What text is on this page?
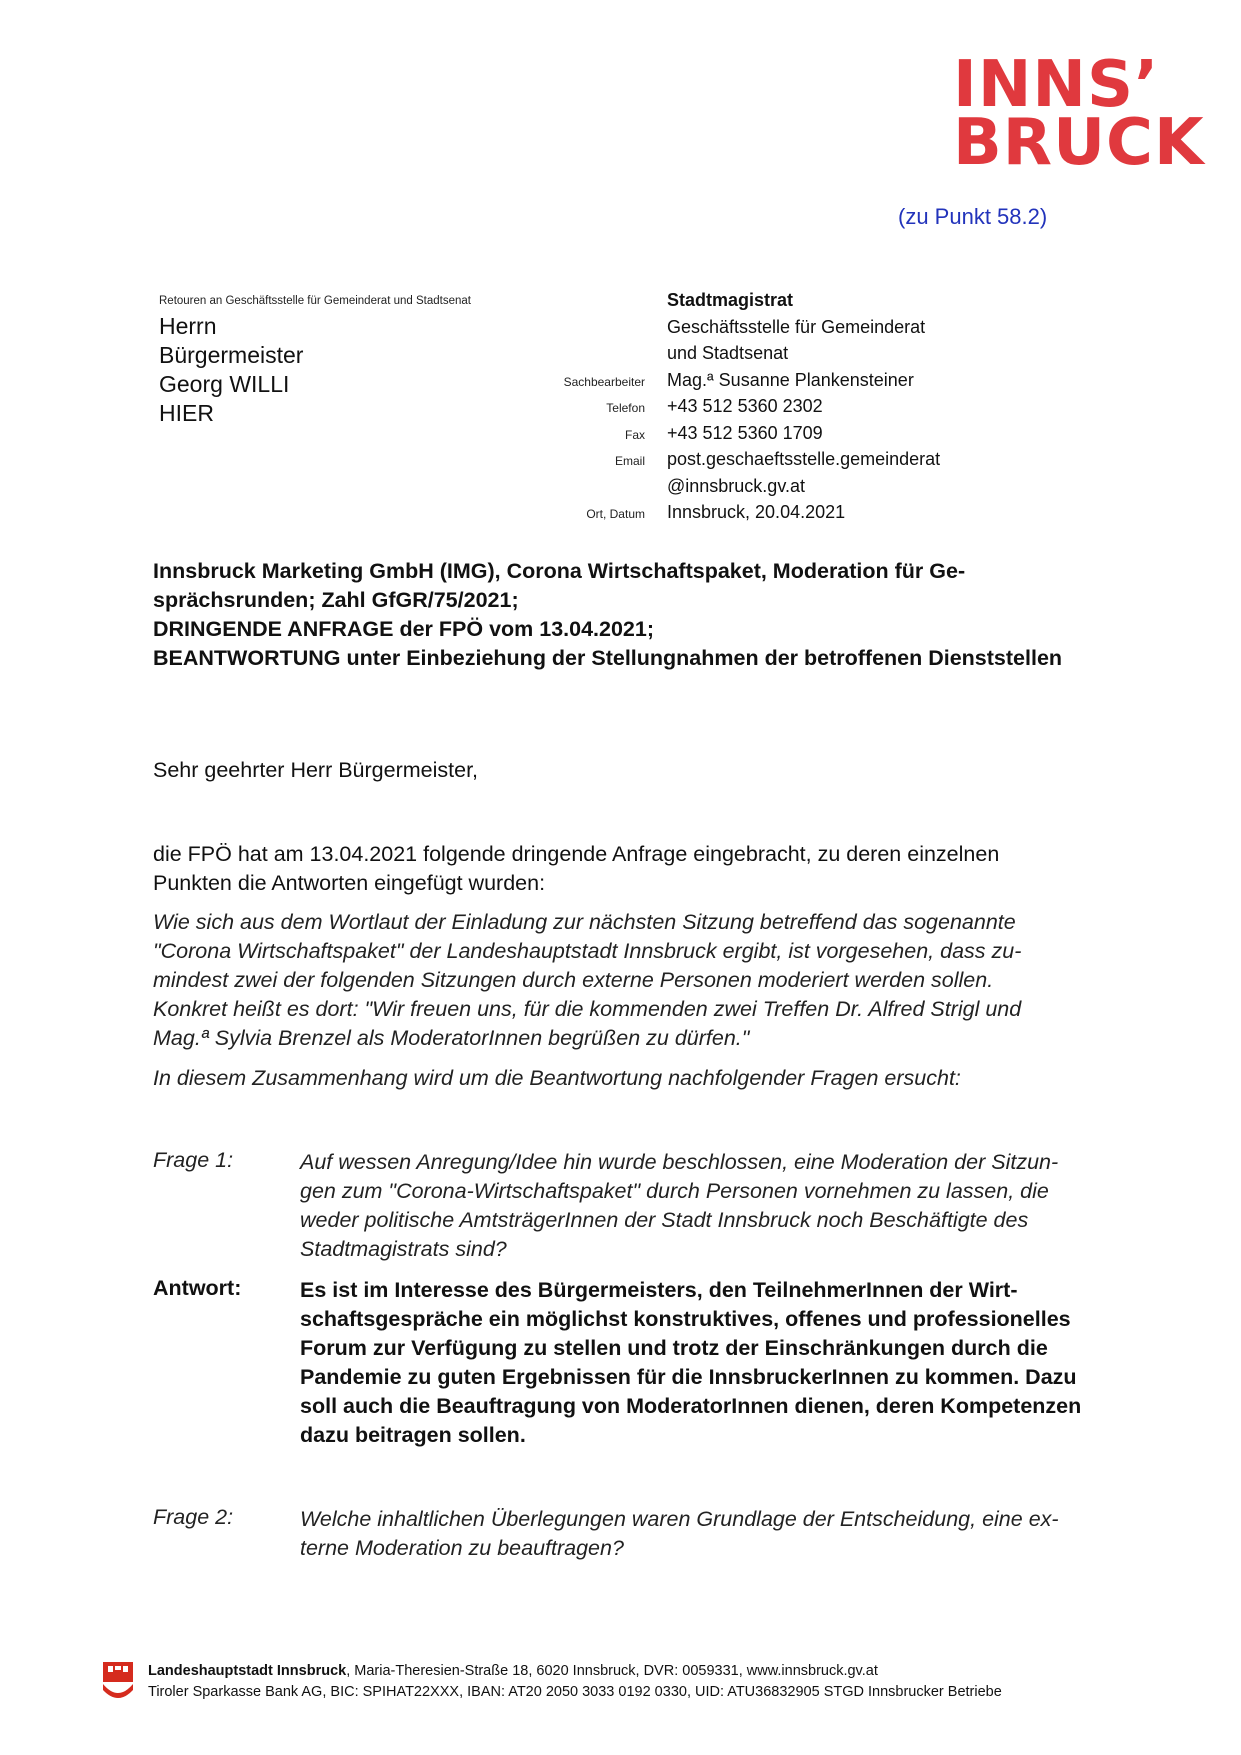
INNS’
BRUCK
(zu Punkt 58.2)
Retouren an Geschäftsstelle für Gemeinderat und Stadtsenat
Herrn
Bürgermeister
Georg WILLI
HIER
Stadtmagistrat
Geschäftsstelle für Gemeinderat
und Stadtsenat
Sachbearbeiter	Mag.ª Susanne Plankensteiner
Telefon	+43 512 5360 2302
Fax	+43 512 5360 1709
Email	post.geschaeftsstelle.gemeinderat
@innsbruck.gv.at
Ort, Datum	Innsbruck, 20.04.2021
Innsbruck Marketing GmbH (IMG), Corona Wirtschaftspaket, Moderation für Ge-
sprächsrunden; Zahl GfGR/75/2021;
DRINGENDE ANFRAGE der FPÖ vom 13.04.2021;
BEANTWORTUNG unter Einbeziehung der Stellungnahmen der betroffenen Dienststellen
Sehr geehrter Herr Bürgermeister,
die FPÖ hat am 13.04.2021 folgende dringende Anfrage eingebracht, zu deren einzelnen
Punkten die Antworten eingefügt wurden:
Wie sich aus dem Wortlaut der Einladung zur nächsten Sitzung betreffend das sogenannte
"Corona Wirtschaftspaket" der Landeshauptstadt Innsbruck ergibt, ist vorgesehen, dass zu-
mindest zwei der folgenden Sitzungen durch externe Personen moderiert werden sollen.
Konkret heißt es dort: "Wir freuen uns, für die kommenden zwei Treffen Dr. Alfred Strigl und
Mag.ª Sylvia Brenzel als ModeratorInnen begrüßen zu dürfen."
In diesem Zusammenhang wird um die Beantwortung nachfolgender Fragen ersucht:
Frage 1:	Auf wessen Anregung/Idee hin wurde beschlossen, eine Moderation der Sitzun-
gen zum "Corona-Wirtschaftspaket" durch Personen vornehmen zu lassen, die
weder politische AmtsträgerInnen der Stadt Innsbruck noch Beschäftigte des
Stadtmagistrats sind?
Antwort:	Es ist im Interesse des Bürgermeisters, den TeilnehmerInnen der Wirt-
schaftsgespräche ein möglichst konstruktives, offenes und professionelles
Forum zur Verfügung zu stellen und trotz der Einschränkungen durch die
Pandemie zu guten Ergebnissen für die InnsbruckerInnen zu kommen. Dazu
soll auch die Beauftragung von ModeratorInnen dienen, deren Kompetenzen
dazu beitragen sollen.
Frage 2:	Welche inhaltlichen Überlegungen waren Grundlage der Entscheidung, eine ex-
terne Moderation zu beauftragen?
Landeshauptstadt Innsbruck, Maria-Theresien-Straße 18, 6020 Innsbruck, DVR: 0059331, www.innsbruck.gv.at
Tiroler Sparkasse Bank AG, BIC: SPIHAT22XXX, IBAN: AT20 2050 3033 0192 0330, UID: ATU36832905 STGD Innsbrucker Betriebe
